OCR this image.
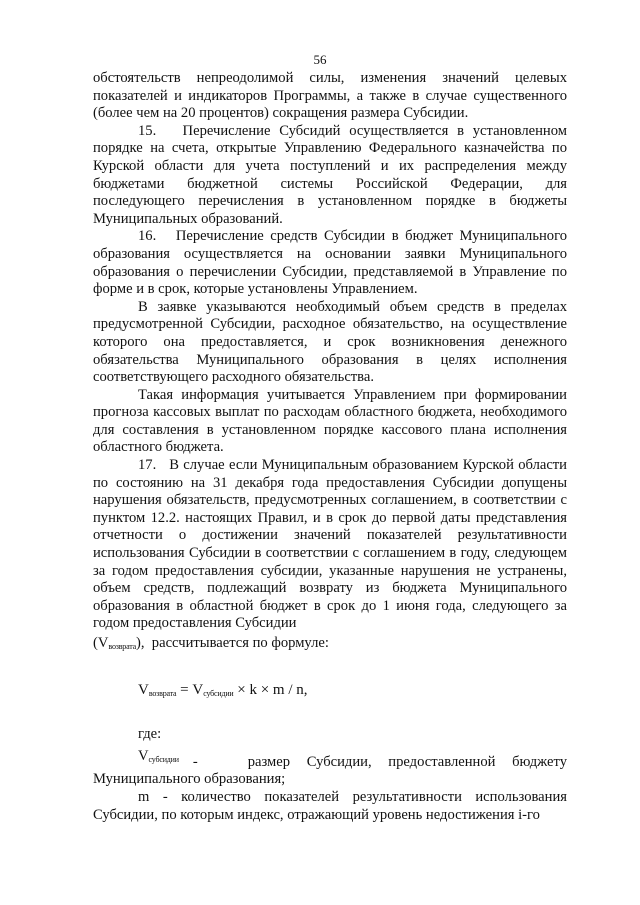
56

обстоятельств непреодолимой силы, изменения значений целевых показателей и индикаторов Программы, а также в случае существенного (более чем на 20 процентов) сокращения размера Субсидии.

15.   Перечисление Субсидий осуществляется в установленном порядке на счета, открытые Управлению Федерального казначейства по Курской области для учета поступлений и их распределения между бюджетами бюджетной системы Российской Федерации, для последующего перечисления в установленном порядке в бюджеты Муниципальных образований.

16.   Перечисление средств Субсидии в бюджет Муниципального образования осуществляется на основании заявки Муниципального образования о перечислении Субсидии, представляемой в Управление по форме и в срок, которые установлены Управлением.

В заявке указываются необходимый объем средств в пределах предусмотренной Субсидии, расходное обязательство, на осуществление которого она предоставляется, и срок возникновения денежного обязательства Муниципального образования в целях исполнения соответствующего расходного обязательства.

Такая информация учитывается Управлением при формировании прогноза кассовых выплат по расходам областного бюджета, необходимого для составления в установленном порядке кассового плана исполнения областного бюджета.

17.   В случае если Муниципальным образованием Курской области по состоянию на 31 декабря года предоставления Субсидии допущены нарушения обязательств, предусмотренных соглашением, в соответствии с пунктом 12.2. настоящих Правил, и в срок до первой даты представления отчетности о достижении значений показателей результативности использования Субсидии в соответствии с соглашением в году, следующем за годом предоставления субсидии, указанные нарушения не устранены, объем средств, подлежащий возврату из бюджета Муниципального образования в областной бюджет в срок до 1 июня года, следующего за годом предоставления Субсидии

$(V_{возврата})$, рассчитывается по формуле:

$V_{возврата} = V_{субсидии} \times k \times m / n$,

где:

$V_{субсидии}$ -   размер Субсидии, предоставленной бюджету Муниципального образования;

m - количество показателей результативности использования Субсидии, по которым индекс, отражающий уровень недостижения i-го
